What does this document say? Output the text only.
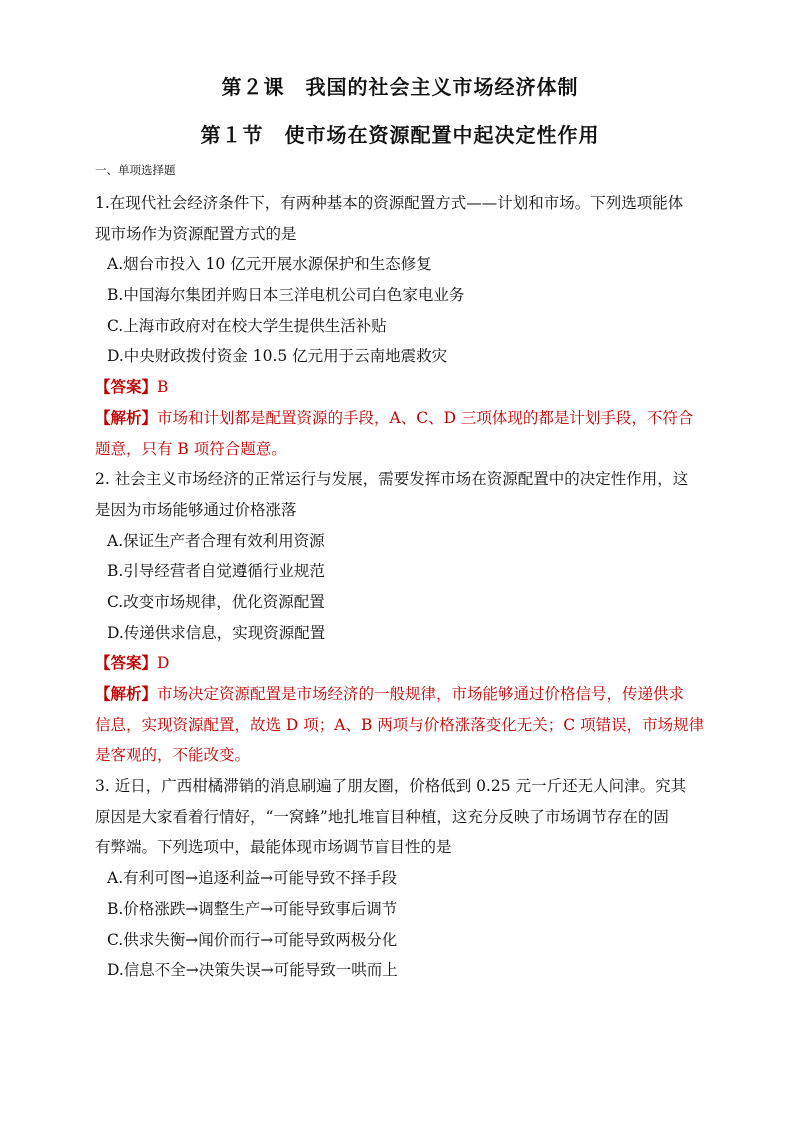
第２课　我国的社会主义市场经济体制
第１节　使市场在资源配置中起决定性作用
一、单项选择题
1.在现代社会经济条件下，有两种基本的资源配置方式——计划和市场。下列选项能体
现市场作为资源配置方式的是
A.烟台市投入 10 亿元开展水源保护和生态修复
B.中国海尔集团并购日本三洋电机公司白色家电业务
C.上海市政府对在校大学生提供生活补贴
D.中央财政拨付资金 10.5 亿元用于云南地震救灾
【答案】B
【解析】市场和计划都是配置资源的手段，A、C、D 三项体现的都是计划手段，不符合
题意，只有 B 项符合题意。
2. 社会主义市场经济的正常运行与发展，需要发挥市场在资源配置中的决定性作用，这
是因为市场能够通过价格涨落
A.保证生产者合理有效利用资源
B.引导经营者自觉遵循行业规范
C.改变市场规律，优化资源配置
D.传递供求信息，实现资源配置
【答案】D
【解析】市场决定资源配置是市场经济的一般规律，市场能够通过价格信号，传递供求
信息，实现资源配置，故选 D 项；A、B 两项与价格涨落变化无关；C 项错误，市场规律
是客观的，不能改变。
3. 近日，广西柑橘滞销的消息刷遍了朋友圈，价格低到 0.25 元一斤还无人问津。究其
原因是大家看着行情好，“一窝蜂”地扎堆盲目种植，这充分反映了市场调节存在的固
有弊端。下列选项中，最能体现市场调节盲目性的是
A.有利可图→追逐利益→可能导致不择手段
B.价格涨跌→调整生产→可能导致事后调节
C.供求失衡→闻价而行→可能导致两极分化
D.信息不全→决策失误→可能导致一哄而上
